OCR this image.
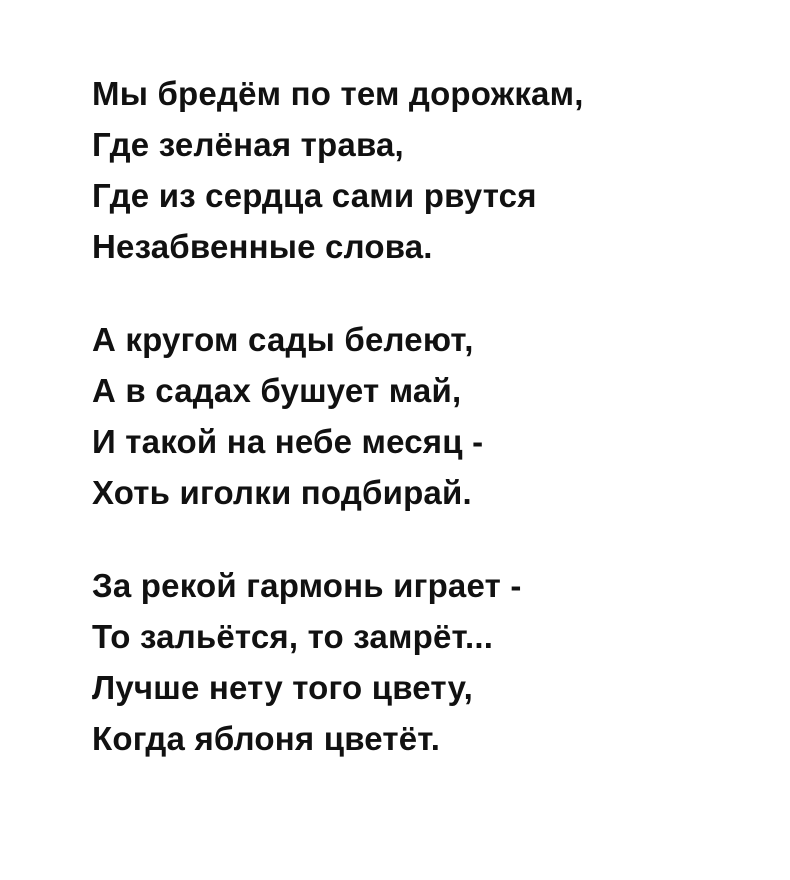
Мы бредём по тем дорожкам,
Где зелёная трава,
Где из сердца сами рвутся
Незабвенные слова.
А кругом сады белеют,
А в садах бушует май,
И такой на небе месяц -
Хоть иголки подбирай.
За рекой гармонь играет -
То зальётся, то замрёт...
Лучше нету того цвету,
Когда яблоня цветёт.
